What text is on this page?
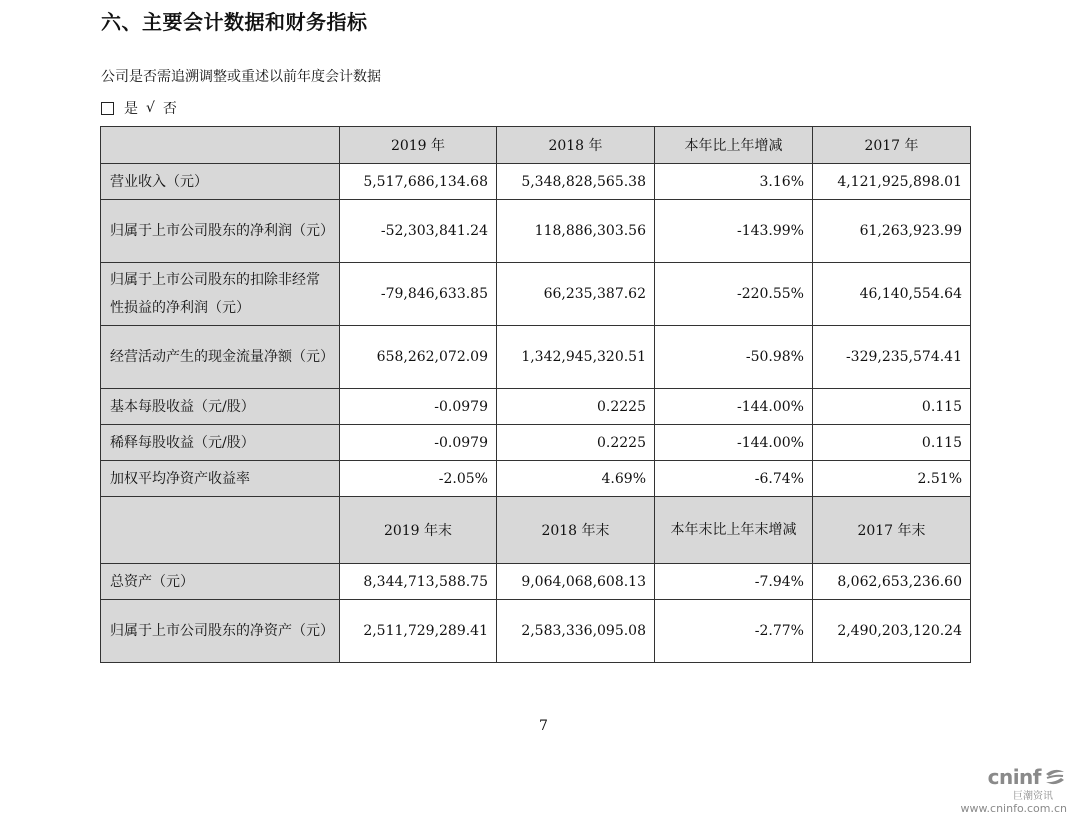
六、主要会计数据和财务指标
公司是否需追溯调整或重述以前年度会计数据
是 √ 否
	2019 年	2018 年	本年比上年增减	2017 年
营业收入（元）	5,517,686,134.68	5,348,828,565.38	3.16%	4,121,925,898.01
归属于上市公司股东的净利润（元）	-52,303,841.24	118,886,303.56	-143.99%	61,263,923.99
归属于上市公司股东的扣除非经常性损益的净利润（元）	-79,846,633.85	66,235,387.62	-220.55%	46,140,554.64
经营活动产生的现金流量净额（元）	658,262,072.09	1,342,945,320.51	-50.98%	-329,235,574.41
基本每股收益（元/股）	-0.0979	0.2225	-144.00%	0.115
稀释每股收益（元/股）	-0.0979	0.2225	-144.00%	0.115
加权平均净资产收益率	-2.05%	4.69%	-6.74%	2.51%
	2019 年末	2018 年末	本年末比上年末增减	2017 年末
总资产（元）	8,344,713,588.75	9,064,068,608.13	-7.94%	8,062,653,236.60
归属于上市公司股东的净资产（元）	2,511,729,289.41	2,583,336,095.08	-2.77%	2,490,203,120.24
7
cninf
巨潮资讯
www.cninfo.com.cn
